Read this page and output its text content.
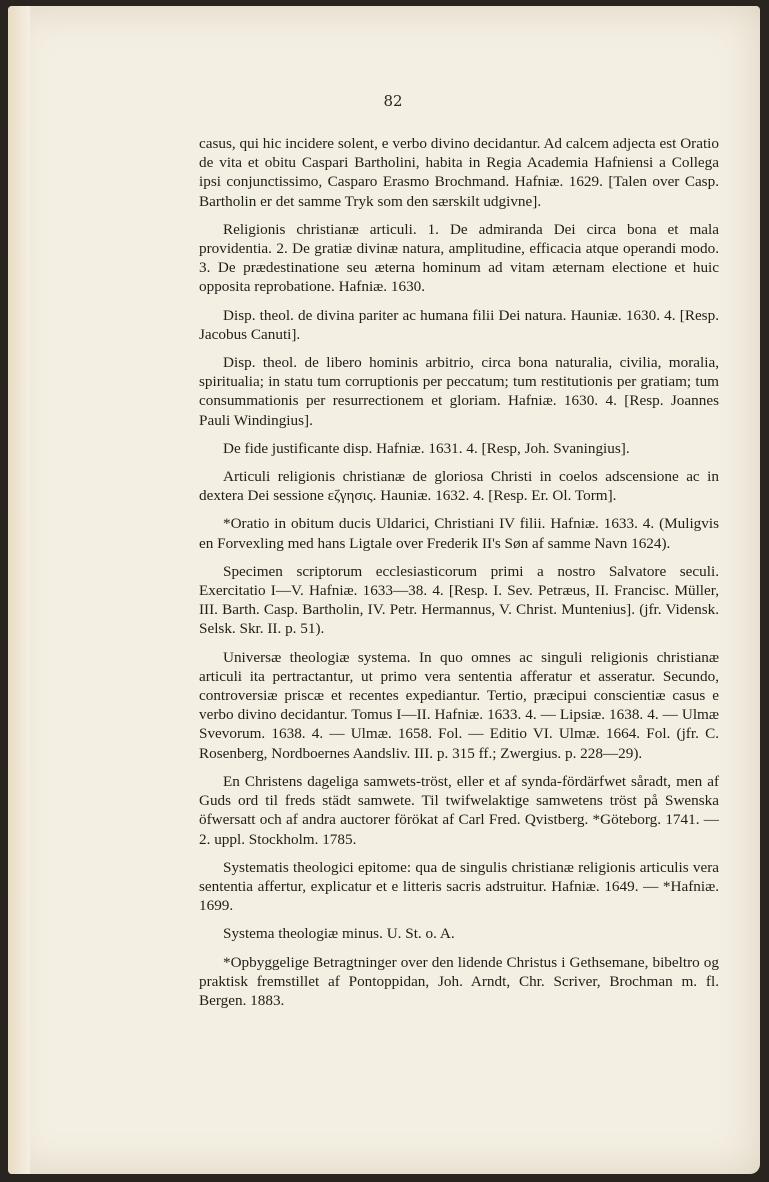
82

casus, qui hic incidere solent, e verbo divino decidantur. Ad calcem adjecta est Oratio de vita et obitu Caspari Bartholini, habita in Regia Academia Hafniensi a Collega ipsi conjunctissimo, Casparo Erasmo Brochmand. Hafniæ. 1629. [Talen over Casp. Bartholin er det samme Tryk som den særskilt udgivne].

Religionis christianæ articuli. 1. De admiranda Dei circa bona et mala providentia. 2. De gratiæ divinæ natura, amplitudine, efficacia atque operandi modo. 3. De prædestinatione seu æterna hominum ad vitam æternam electione et huic opposita reprobatione. Hafniæ. 1630.

Disp. theol. de divina pariter ac humana filii Dei natura. Hauniæ. 1630. 4. [Resp. Jacobus Canuti].

Disp. theol. de libero hominis arbitrio, circa bona naturalia, civilia, moralia, spiritualia; in statu tum corruptionis per peccatum; tum restitutionis per gratiam; tum consummationis per resurrectionem et gloriam. Hafniæ. 1630. 4. [Resp. Joannes Pauli Windingius].

De fide justificante disp. Hafniæ. 1631. 4. [Resp, Joh. Svaningius].

Articuli religionis christianæ de gloriosa Christi in coelos adscensione ac in dextera Dei sessione εζγησις. Hauniæ. 1632. 4. [Resp. Er. Ol. Torm].

*Oratio in obitum ducis Uldarici, Christiani IV filii. Hafniæ. 1633. 4. (Muligvis en Forvexling med hans Ligtale over Frederik II's Søn af samme Navn 1624).

Specimen scriptorum ecclesiasticorum primi a nostro Salvatore seculi. Exercitatio I—V. Hafniæ. 1633—38. 4. [Resp. I. Sev. Petræus, II. Francisc. Müller, III. Barth. Casp. Bartholin, IV. Petr. Hermannus, V. Christ. Muntenius]. (jfr. Vidensk. Selsk. Skr. II. p. 51).

Universæ theologiæ systema. In quo omnes ac singuli religionis christianæ articuli ita pertractantur, ut primo vera sententia afferatur et asseratur. Secundo, controversiæ priscæ et recentes expediantur. Tertio, præcipui conscientiæ casus e verbo divino decidantur. Tomus I—II. Hafniæ. 1633. 4. — Lipsiæ. 1638. 4. — Ulmæ Svevorum. 1638. 4. — Ulmæ. 1658. Fol. — Editio VI. Ulmæ. 1664. Fol. (jfr. C. Rosenberg, Nordboernes Aandsliv. III. p. 315 ff.; Zwergius. p. 228—29).

En Christens dageliga samwets-tröst, eller et af synda-fördärfwet såradt, men af Guds ord til freds städt samwete. Til twifwelaktige samwetens tröst på Swenska öfwersatt och af andra auctorer förökat af Carl Fred. Qvistberg. *Göteborg. 1741. — 2. uppl. Stockholm. 1785.

Systematis theologici epitome: qua de singulis christianæ religionis articulis vera sententia affertur, explicatur et e litteris sacris adstruitur. Hafniæ. 1649. — *Hafniæ. 1699.

Systema theologiæ minus. U. St. o. A.

*Opbyggelige Betragtninger over den lidende Christus i Gethsemane, bibeltro og praktisk fremstillet af Pontoppidan, Joh. Arndt, Chr. Scriver, Brochman m. fl. Bergen. 1883.
